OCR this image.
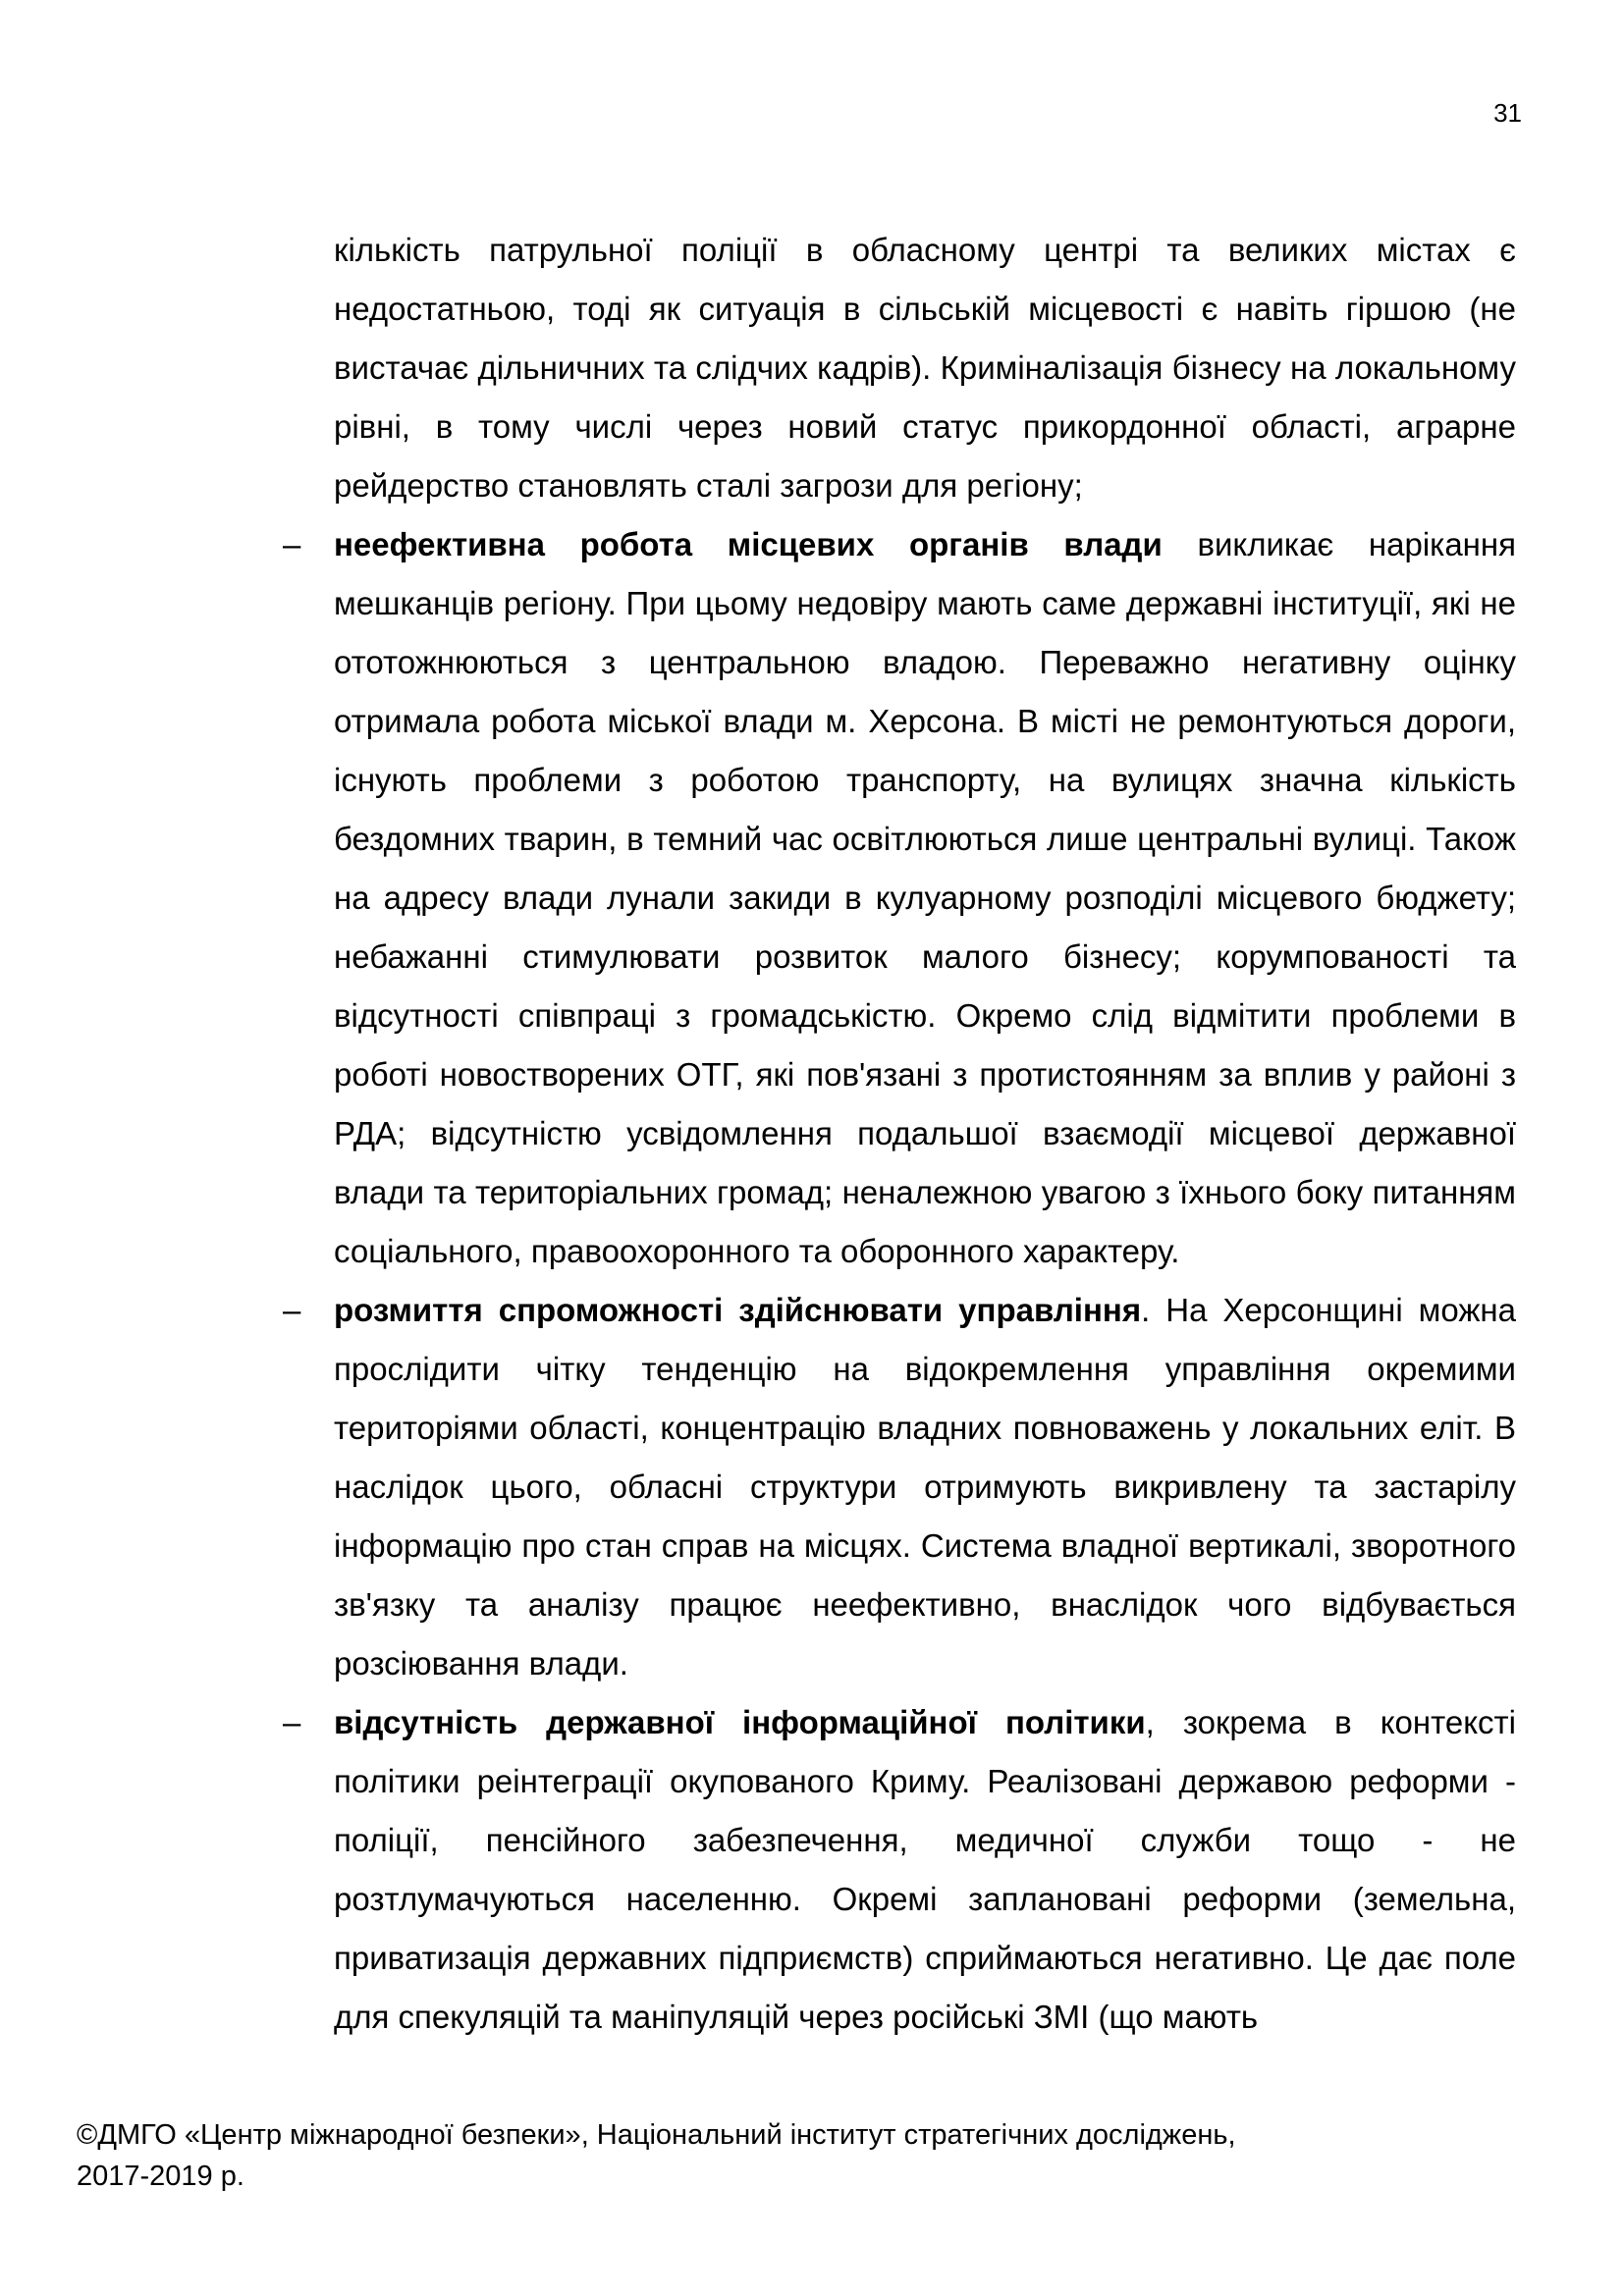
31

кількість патрульної поліції в обласному центрі та великих містах є недостатньою, тоді як ситуація в сільській місцевості є навіть гіршою (не вистачає дільничних та слідчих кадрів). Криміналізація бізнесу на локальному рівні, в тому числі через новий статус прикордонної області, аграрне рейдерство становлять сталі загрози для регіону;

– неефективна робота місцевих органів влади викликає нарікання мешканців регіону. При цьому недовіру мають саме державні інституції, які не ототожнюються з центральною владою. Переважно негативну оцінку отримала робота міської влади м. Херсона. В місті не ремонтуються дороги, існують проблеми з роботою транспорту, на вулицях значна кількість бездомних тварин, в темний час освітлюються лише центральні вулиці. Також на адресу влади лунали закиди в кулуарному розподілі місцевого бюджету; небажанні стимулювати розвиток малого бізнесу; корумпованості та відсутності співпраці з громадськістю. Окремо слід відмітити проблеми в роботі новостворених ОТГ, які пов'язані з протистоянням за вплив у районі з РДА; відсутністю усвідомлення подальшої взаємодії місцевої державної влади та територіальних громад; неналежною увагою з їхнього боку питанням соціального, правоохоронного та оборонного характеру.

– розмиття спроможності здійснювати управління. На Херсонщині можна прослідити чітку тенденцію на відокремлення управління окремими територіями області, концентрацію владних повноважень у локальних еліт. В наслідок цього, обласні структури отримують викривлену та застарілу інформацію про стан справ на місцях. Система владної вертикалі, зворотного зв'язку та аналізу працює неефективно, внаслідок чого відбувається розсіювання влади.

– відсутність державної інформаційної політики, зокрема в контексті політики реінтеграції окупованого Криму. Реалізовані державою реформи - поліції, пенсійного забезпечення, медичної служби тощо - не розтлумачуються населенню. Окремі заплановані реформи (земельна, приватизація державних підприємств) сприймаються негативно. Це дає поле для спекуляцій та маніпуляцій через російські ЗМІ (що мають

©ДМГО «Центр міжнародної безпеки», Національний інститут стратегічних досліджень,
2017-2019 р.
